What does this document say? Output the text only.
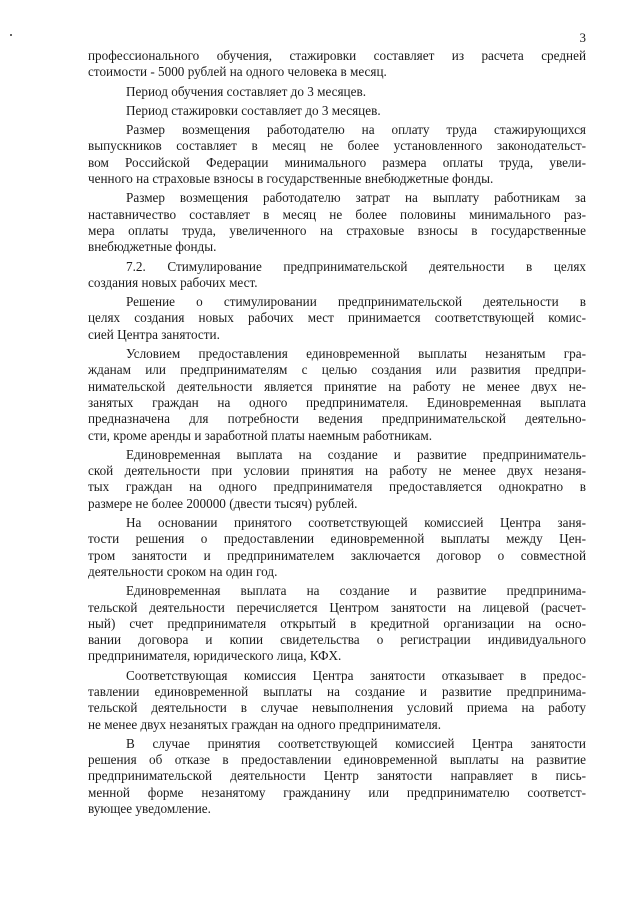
3
профессионального обучения, стажировки составляет из расчета средней
стоимости - 5000 рублей на одного человека в месяц.
Период обучения составляет до 3 месяцев.
Период стажировки составляет до 3 месяцев.
Размер возмещения работодателю на оплату труда стажирующихся
выпускников составляет в месяц не более установленного законодательст-
вом Российской Федерации минимального размера оплаты труда, увели-
ченного на страховые взносы в государственные внебюджетные фонды.
Размер возмещения работодателю затрат на выплату работникам за
наставничество составляет в месяц не более половины минимального раз-
мера оплаты труда, увеличенного на страховые взносы в государственные
внебюджетные фонды.
7.2. Стимулирование предпринимательской деятельности в целях
создания новых рабочих мест.
Решение о стимулировании предпринимательской деятельности в
целях создания новых рабочих мест принимается соответствующей комис-
сией Центра занятости.
Условием предоставления единовременной выплаты незанятым гра-
жданам или предпринимателям с целью создания или развития предпри-
нимательской деятельности является принятие на работу не менее двух не-
занятых граждан на одного предпринимателя. Единовременная выплата
предназначена для потребности ведения предпринимательской деятельно-
сти, кроме аренды и заработной платы наемным работникам.
Единовременная выплата на создание и развитие предприниматель-
ской деятельности при условии принятия на работу не менее двух незаня-
тых граждан на одного предпринимателя предоставляется однократно в
размере не более 200000 (двести тысяч) рублей.
На основании принятого соответствующей комиссией Центра заня-
тости решения о предоставлении единовременной выплаты между Цен-
тром занятости и предпринимателем заключается договор о совместной
деятельности сроком на один год.
Единовременная выплата на создание и развитие предпринима-
тельской деятельности перечисляется Центром занятости на лицевой (расчет-
ный) счет предпринимателя открытый в кредитной организации на осно-
вании договора и копии свидетельства о регистрации индивидуального
предпринимателя, юридического лица, КФХ.
Соответствующая комиссия Центра занятости отказывает в предос-
тавлении единовременной выплаты на создание и развитие предпринима-
тельской деятельности в случае невыполнения условий приема на работу
не менее двух незанятых граждан на одного предпринимателя.
В случае принятия соответствующей комиссией Центра занятости
решения об отказе в предоставлении единовременной выплаты на развитие
предпринимательской деятельности Центр занятости направляет в пись-
менной форме незанятому гражданину или предпринимателю соответст-
вующее уведомление.
